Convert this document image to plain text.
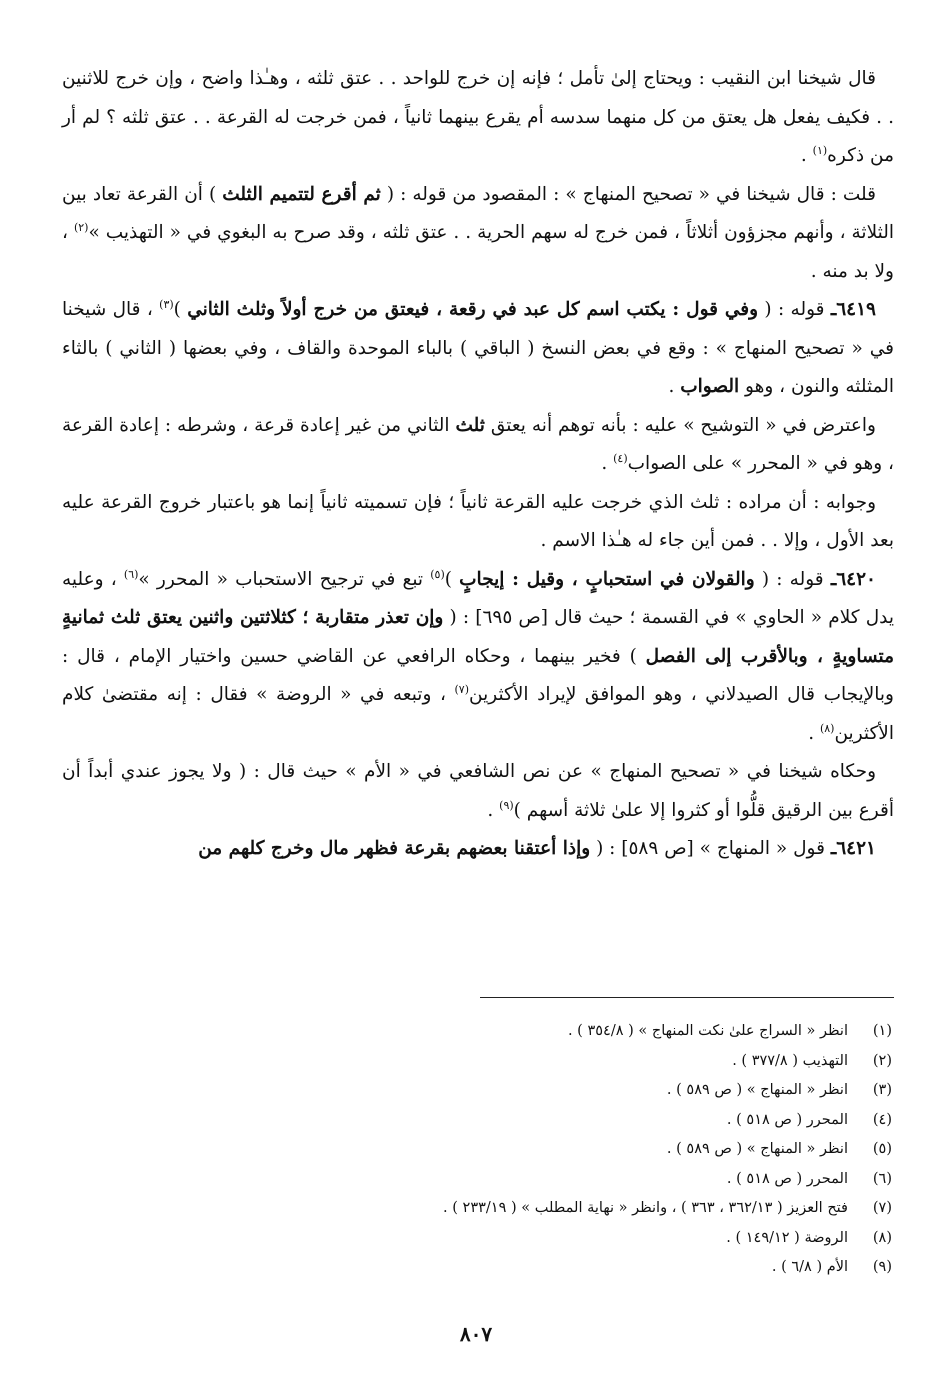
قال شيخنا ابن النقيب : ويحتاج إلىٰ تأمل ؛ فإنه إن خرج للواحد . . عتق ثلثه ، وهـٰذا واضح ، وإن خرج للاثنين . . فكيف يفعل هل يعتق من كل منهما سدسه أم يقرع بينهما ثانياً ، فمن خرجت له القرعة . . عتق ثلثه ؟ لم أر من ذكره$^{(١)}$ .

قلت : قال شيخنا في « تصحيح المنهاج » : المقصود من قوله : ( ثم أقرع لتتميم الثلث ) أن القرعة تعاد بين الثلاثة ، وأنهم مجزؤون أثلاثاً ، فمن خرج له سهم الحرية . . عتق ثلثه ، وقد صرح به البغوي في « التهذيب »$^{(٢)}$ ، ولا بد منه .

٦٤١٩ـ قوله : ( وفي قول : يكتب اسم كل عبد في رقعة ، فيعتق من خرج أولاً وثلث الثاني )$^{(٣)}$ ، قال شيخنا في « تصحيح المنهاج » : وقع في بعض النسخ ( الباقي ) بالباء الموحدة والقاف ، وفي بعضها ( الثاني ) بالثاء المثلثه والنون ، وهو الصواب .

واعترض في « التوشيح » عليه : بأنه توهم أنه يعتق ثلث الثاني من غير إعادة قرعة ، وشرطه : إعادة القرعة ، وهو في « المحرر » على الصواب$^{(٤)}$ .

وجوابه : أن مراده : ثلث الذي خرجت عليه القرعة ثانياً ؛ فإن تسميته ثانياً إنما هو باعتبار خروج القرعة عليه بعد الأول ، وإلا . . فمن أين جاء له هـٰذا الاسم .

٦٤٢٠ـ قوله : ( والقولان في استحبابٍ ، وقيل : إيجابٍ )$^{(٥)}$ تبع في ترجيح الاستحباب « المحرر »$^{(٦)}$ ، وعليه يدل كلام « الحاوي » في القسمة ؛ حيث قال [ص ٦٩٥] : ( وإن تعذر متقاربة ؛ كثلاثتين واثنين يعتق ثلث ثمانيةٍ متساويةٍ ، وبالأقرب إلى الفصل ) فخير بينهما ، وحكاه الرافعي عن القاضي حسين واختيار الإمام ، قال : وبالإيجاب قال الصيدلاني ، وهو الموافق لإيراد الأكثرين$^{(٧)}$ ، وتبعه في « الروضة » فقال : إنه مقتضىٰ كلام الأكثرين$^{(٨)}$ .

وحكاه شيخنا في « تصحيح المنهاج » عن نص الشافعي في « الأم » حيث قال : ( ولا يجوز عندي أبداً أن أقرع بين الرقيق قلُّوا أو كثروا إلا علىٰ ثلاثة أسهم )$^{(٩)}$ .

٦٤٢١ـ قول « المنهاج » [ص ٥٨٩] : ( وإذا أعتقنا بعضهم بقرعة فظهر مال وخرج كلهم من

(١)
انظر « السراج علىٰ نكت المنهاج » ( ٣٥٤/٨ ) .
(٢)
التهذيب ( ٣٧٧/٨ ) .
(٣)
انظر « المنهاج » ( ص ٥٨٩ ) .
(٤)
المحرر ( ص ٥١٨ ) .
(٥)
انظر « المنهاج » ( ص ٥٨٩ ) .
(٦)
المحرر ( ص ٥١٨ ) .
(٧)
فتح العزيز ( ٣٦٢/١٣ ، ٣٦٣ ) ، وانظر « نهاية المطلب » ( ٢٣٣/١٩ ) .
(٨)
الروضة ( ١٤٩/١٢ ) .
(٩)
الأم ( ٦/٨ ) .
٨٠٧
